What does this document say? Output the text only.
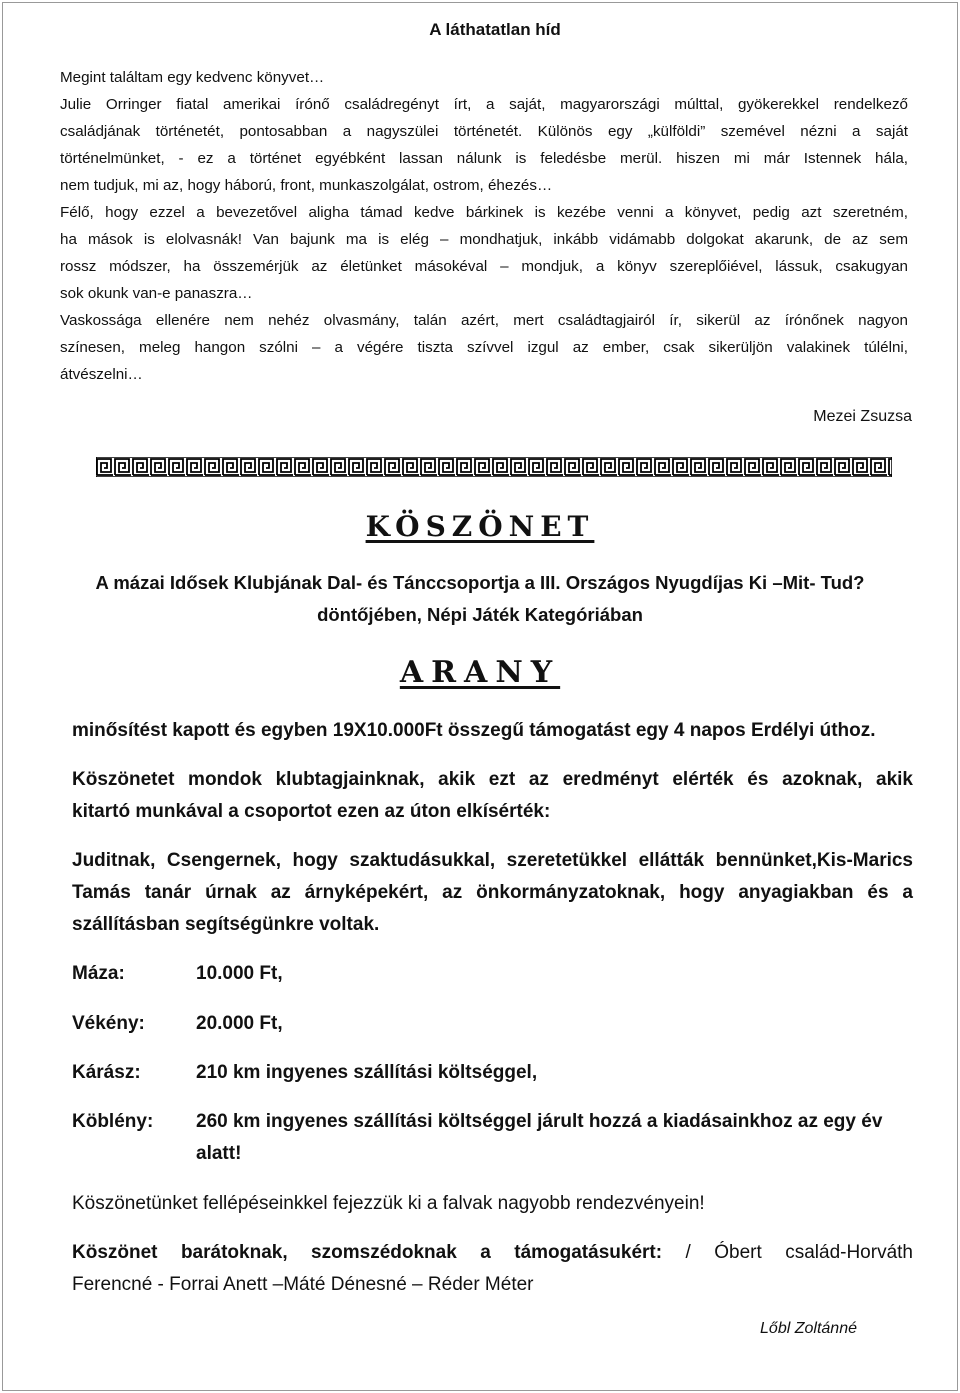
A láthatatlan híd
Megint találtam egy kedvenc könyvet…
Julie Orringer fiatal amerikai írónő családregényt írt, a saját, magyarországi múlttal, gyökerekkel rendelkező
családjának történetét, pontosabban a nagyszülei történetét. Különös egy „külföldi” szemével nézni a saját
történelmünket, - ez a történet egyébként lassan nálunk is feledésbe merül. hiszen mi már Istennek hála,
nem tudjuk, mi az, hogy háború, front, munkaszolgálat, ostrom, éhezés…
Félő, hogy ezzel a bevezetővel aligha támad kedve bárkinek is kezébe venni a könyvet, pedig azt szeretném,
ha mások is elolvasnák! Van bajunk ma is elég – mondhatjuk, inkább vidámabb dolgokat akarunk, de az sem
rossz módszer, ha összemérjük az életünket másokéval – mondjuk, a könyv szereplőiével, lássuk, csakugyan
sok okunk van-e panaszra…
Vaskossága ellenére nem nehéz olvasmány, talán azért, mert családtagjairól ír, sikerül az írónőnek nagyon
színesen, meleg hangon szólni – a végére tiszta szívvel izgul az ember, csak sikerüljön valakinek túlélni,
átvészelni…
Mezei Zsuzsa
KÖSZÖNET
A mázai Idősek Klubjának Dal- és Tánccsoportja a III. Országos Nyugdíjas Ki –Mit- Tud?
döntőjében, Népi Játék Kategóriában
ARANY
minősítést kapott és egyben 19X10.000Ft összegű támogatást egy 4 napos Erdélyi úthoz.
Köszönetet mondok klubtagjainknak, akik ezt az eredményt elérték és azoknak, akik
kitartó munkával a csoportot ezen az úton elkísérték:
Juditnak, Csengernek, hogy szaktudásukkal, szeretetükkel ellátták bennünket,Kis-Marics
Tamás tanár úrnak az árnyképekért, az önkormányzatoknak, hogy anyagiakban és a
szállításban segítségünkre voltak.
Máza:	10.000 Ft,
Vékény:	20.000 Ft,
Kárász:	210 km ingyenes szállítási költséggel,
Köblény: 260 km ingyenes szállítási költséggel járult hozzá a kiadásainkhoz az egy év
alatt!
Köszönetünket fellépéseinkkel fejezzük ki a falvak nagyobb rendezvényein!
Köszönet barátoknak, szomszédoknak a támogatásukért: / Óbert család-Horváth
Ferencné - Forrai Anett –Máté Dénesné – Réder Méter
Lőbl Zoltánné
